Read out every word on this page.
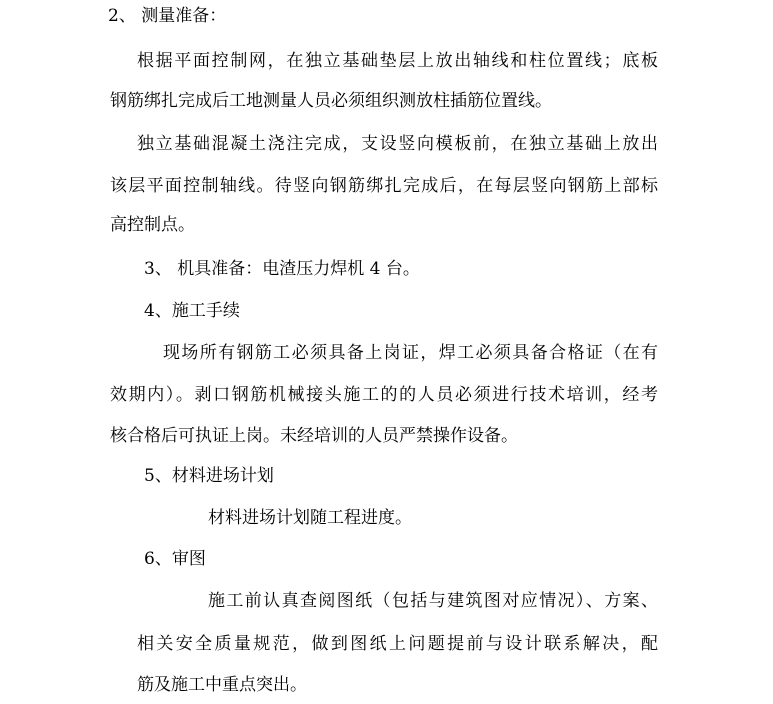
2、 测量准备：
根据平面控制网，在独立基础垫层上放出轴线和柱位置线；底板
钢筋绑扎完成后工地测量人员必须组织测放柱插筋位置线。
独立基础混凝土浇注完成，支设竖向模板前，在独立基础上放出
该层平面控制轴线。待竖向钢筋绑扎完成后，在每层竖向钢筋上部标
高控制点。
3、 机具准备：电渣压力焊机 4 台。
4、施工手续
现场所有钢筋工必须具备上岗证，焊工必须具备合格证（在有
效期内）。剥口钢筋机械接头施工的的人员必须进行技术培训，经考
核合格后可执证上岗。未经培训的人员严禁操作设备。
5、材料进场计划
材料进场计划随工程进度。
6、审图
施工前认真查阅图纸（包括与建筑图对应情况）、方案、
相关安全质量规范，做到图纸上问题提前与设计联系解决，配
筋及施工中重点突出。
